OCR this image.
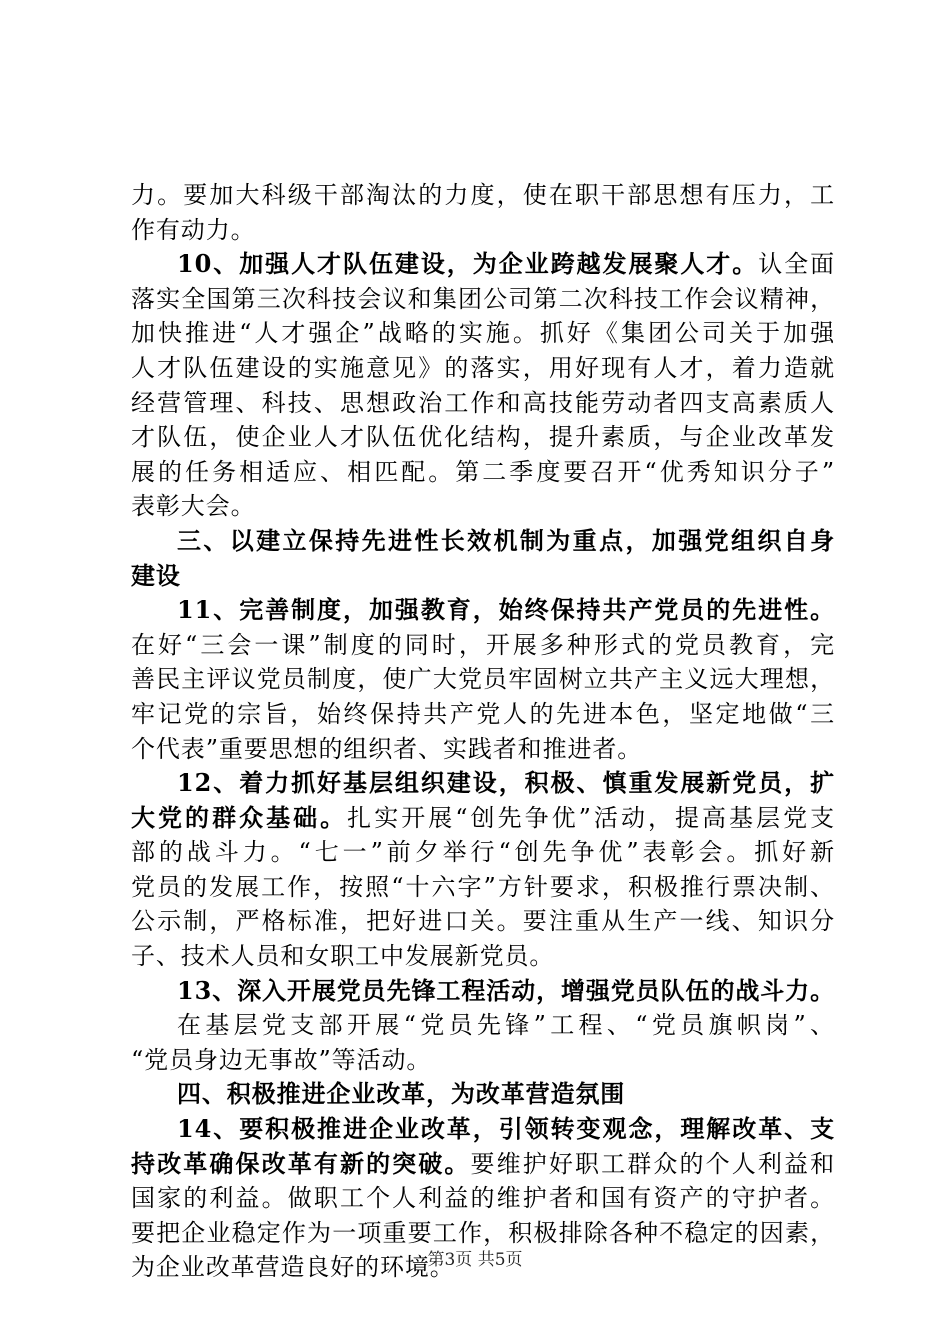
力。要加大科级干部淘汰的力度，使在职干部思想有压力，工
作有动力。
10、加强人才队伍建设，为企业跨越发展聚人才。认全面
落实全国第三次科技会议和集团公司第二次科技工作会议精神，
加快推进“人才强企”战略的实施。抓好《集团公司关于加强
人才队伍建设的实施意见》的落实，用好现有人才，着力造就
经营管理、科技、思想政治工作和高技能劳动者四支高素质人
才队伍，使企业人才队伍优化结构，提升素质，与企业改革发
展的任务相适应、相匹配。第二季度要召开“优秀知识分子”
表彰大会。
三、以建立保持先进性长效机制为重点，加强党组织自身
建设
11、完善制度，加强教育，始终保持共产党员的先进性。
在好“三会一课”制度的同时，开展多种形式的党员教育，完
善民主评议党员制度，使广大党员牢固树立共产主义远大理想，
牢记党的宗旨，始终保持共产党人的先进本色，坚定地做“三
个代表”重要思想的组织者、实践者和推进者。
12、着力抓好基层组织建设，积极、慎重发展新党员，扩
大党的群众基础。扎实开展“创先争优”活动，提高基层党支
部的战斗力。“七一”前夕举行“创先争优”表彰会。抓好新
党员的发展工作，按照“十六字”方针要求，积极推行票决制、
公示制，严格标准，把好进口关。要注重从生产一线、知识分
子、技术人员和女职工中发展新党员。
13、深入开展党员先锋工程活动，增强党员队伍的战斗力。
在基层党支部开展“党员先锋”工程、“党员旗帜岗”、
“党员身边无事故”等活动。
四、积极推进企业改革，为改革营造氛围
14、要积极推进企业改革，引领转变观念，理解改革、支
持改革确保改革有新的突破。要维护好职工群众的个人利益和
国家的利益。做职工个人利益的维护者和国有资产的守护者。
要把企业稳定作为一项重要工作，积极排除各种不稳定的因素，
为企业改革营造良好的环境。
第3页 共5页
